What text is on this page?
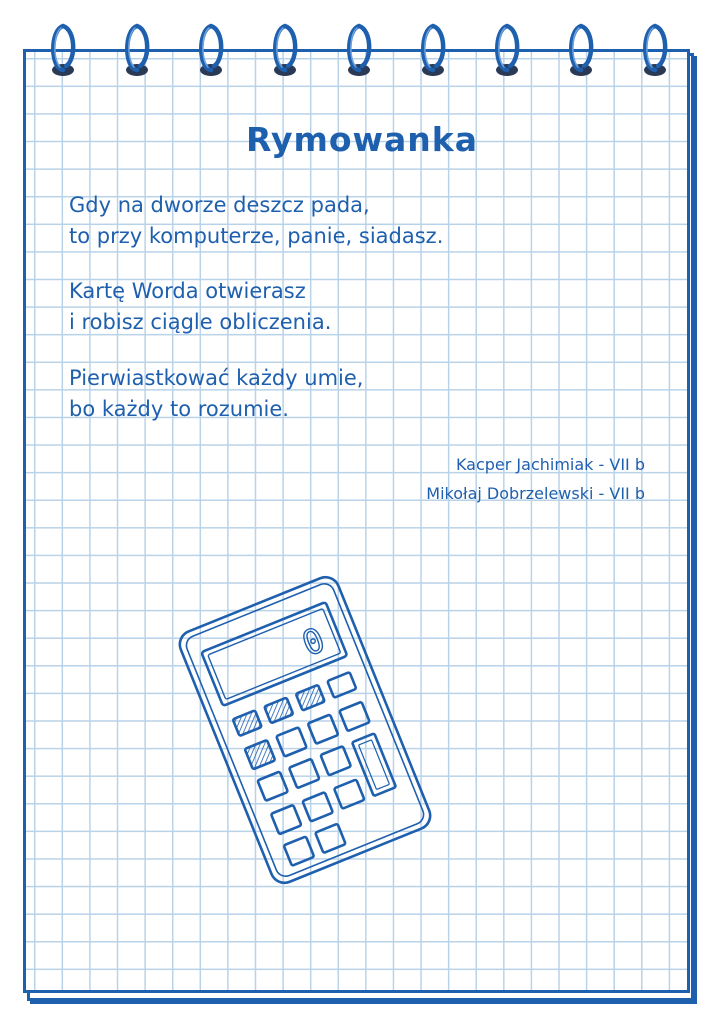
Rymowanka
Gdy na dworze deszcz pada,
to przy komputerze, panie, siadasz.
Kartę Worda otwierasz
i robisz ciągle obliczenia.
Pierwiastkować każdy umie,
bo każdy to rozumie.
Kacper Jachimiak - VII b
Mikołaj Dobrzelewski - VII b
0
